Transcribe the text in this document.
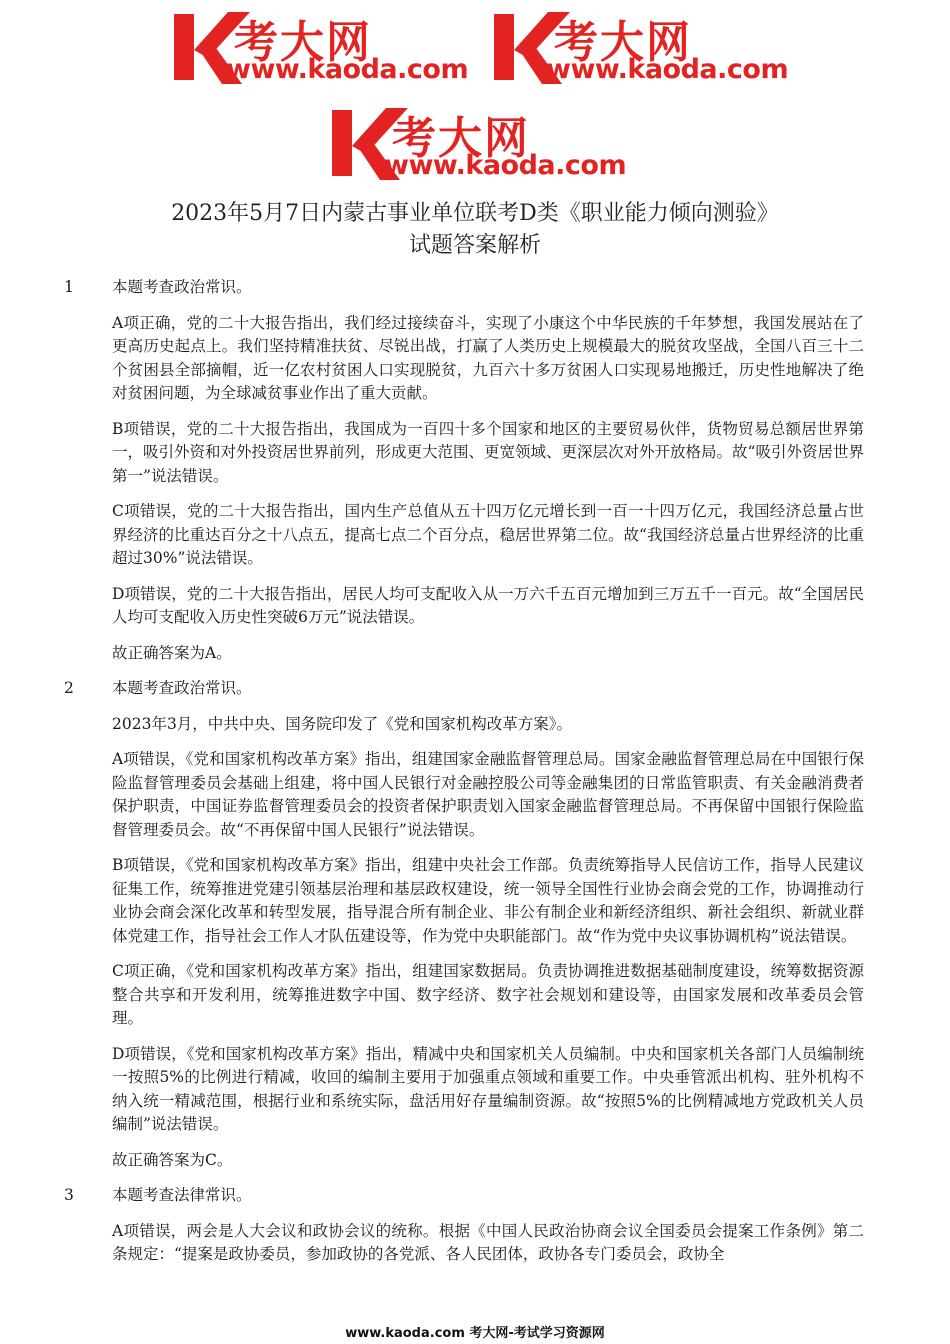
考大网
www.kaoda.com
考大网
www.kaoda.com
考大网
www.kaoda.com
2023年5月7日内蒙古事业单位联考D类《职业能力倾向测验》
试题答案解析
1	本题考查政治常识。
A项正确，党的二十大报告指出，我们经过接续奋斗，实现了小康这个中华民族的千年梦想，我国发展站在了更高历史起点上。我们坚持精准扶贫、尽锐出战，打赢了人类历史上规模最大的脱贫攻坚战，全国八百三十二个贫困县全部摘帽，近一亿农村贫困人口实现脱贫，九百六十多万贫困人口实现易地搬迁，历史性地解决了绝对贫困问题，为全球减贫事业作出了重大贡献。
B项错误，党的二十大报告指出，我国成为一百四十多个国家和地区的主要贸易伙伴，货物贸易总额居世界第一，吸引外资和对外投资居世界前列，形成更大范围、更宽领域、更深层次对外开放格局。故“吸引外资居世界第一”说法错误。
C项错误，党的二十大报告指出，国内生产总值从五十四万亿元增长到一百一十四万亿元，我国经济总量占世界经济的比重达百分之十八点五，提高七点二个百分点，稳居世界第二位。故“我国经济总量占世界经济的比重超过30%”说法错误。
D项错误，党的二十大报告指出，居民人均可支配收入从一万六千五百元增加到三万五千一百元。故“全国居民人均可支配收入历史性突破6万元”说法错误。
故正确答案为A。
2	本题考查政治常识。
2023年3月，中共中央、国务院印发了《党和国家机构改革方案》。
A项错误，《党和国家机构改革方案》指出，组建国家金融监督管理总局。国家金融监督管理总局在中国银行保险监督管理委员会基础上组建，将中国人民银行对金融控股公司等金融集团的日常监管职责、有关金融消费者保护职责，中国证券监督管理委员会的投资者保护职责划入国家金融监督管理总局。不再保留中国银行保险监督管理委员会。故“不再保留中国人民银行”说法错误。
B项错误，《党和国家机构改革方案》指出，组建中央社会工作部。负责统筹指导人民信访工作，指导人民建议征集工作，统筹推进党建引领基层治理和基层政权建设，统一领导全国性行业协会商会党的工作，协调推动行业协会商会深化改革和转型发展，指导混合所有制企业、非公有制企业和新经济组织、新社会组织、新就业群体党建工作，指导社会工作人才队伍建设等，作为党中央职能部门。故“作为党中央议事协调机构”说法错误。
C项正确，《党和国家机构改革方案》指出，组建国家数据局。负责协调推进数据基础制度建设，统筹数据资源整合共享和开发利用，统筹推进数字中国、数字经济、数字社会规划和建设等，由国家发展和改革委员会管理。
D项错误，《党和国家机构改革方案》指出，精减中央和国家机关人员编制。中央和国家机关各部门人员编制统一按照5%的比例进行精减，收回的编制主要用于加强重点领域和重要工作。中央垂管派出机构、驻外机构不纳入统一精减范围，根据行业和系统实际，盘活用好存量编制资源。故“按照5%的比例精减地方党政机关人员编制”说法错误。
故正确答案为C。
3	本题考查法律常识。
A项错误，两会是人大会议和政协会议的统称。根据《中国人民政治协商会议全国委员会提案工作条例》第二条规定：“提案是政协委员，参加政协的各党派、各人民团体，政协各专门委员会，政协全
www.kaoda.com 考大网-考试学习资源网
